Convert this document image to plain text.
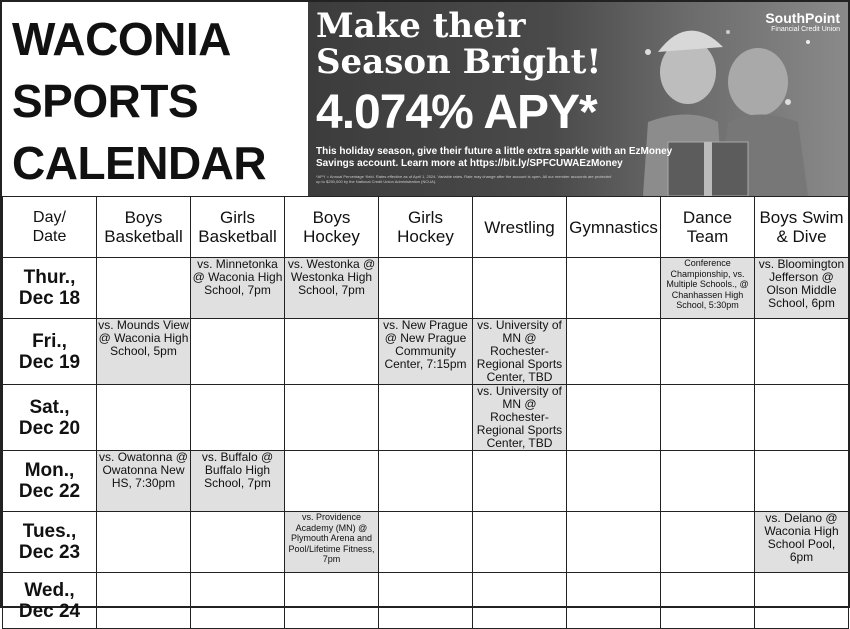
WACONIA
SPORTS
CALENDAR
Make their
Season Bright!
4.074% APY*
This holiday season, give their future a little extra sparkle with an EzMoney Savings account. Learn more at https://bit.ly/SPFCUWAEzMoney
*APY = Annual Percentage Yield. Rates effective as of April 1, 2024. Variable rates. Rate may change after the account is open. All our member accounts are protected up to $250,000 by the National Credit Union Administration (NCUA).
SouthPoint
Financial Credit Union
Day/
Date	Boys Basketball	Girls Basketball	Boys Hockey	Girls Hockey	Wrestling	Gymnastics	Dance Team	Boys Swim & Dive

Thur.,
Dec 18		vs. Minnetonka @ Waconia High School, 7pm	vs. Westonka @ Westonka High School, 7pm				Conference Championship, vs. Multiple Schools., @ Chanhassen High School, 5:30pm	vs. Bloomington Jefferson @ Olson Middle School, 6pm

Fri.,
Dec 19	vs. Mounds View @ Waconia High School, 5pm			vs. New Prague @ New Prague Community Center, 7:15pm	vs. University of MN @ Rochester-Regional Sports Center, TBD			

Sat.,
Dec 20					vs. University of MN @ Rochester-Regional Sports Center, TBD			

Mon.,
Dec 22	vs. Owatonna @ Owatonna New HS, 7:30pm	vs. Buffalo @ Buffalo High School, 7pm						

Tues.,
Dec 23			vs. Providence Academy (MN) @ Plymouth Arena and Pool/Lifetime Fitness, 7pm					vs. Delano @ Waconia High School Pool, 6pm

Wed.,
Dec 24								
